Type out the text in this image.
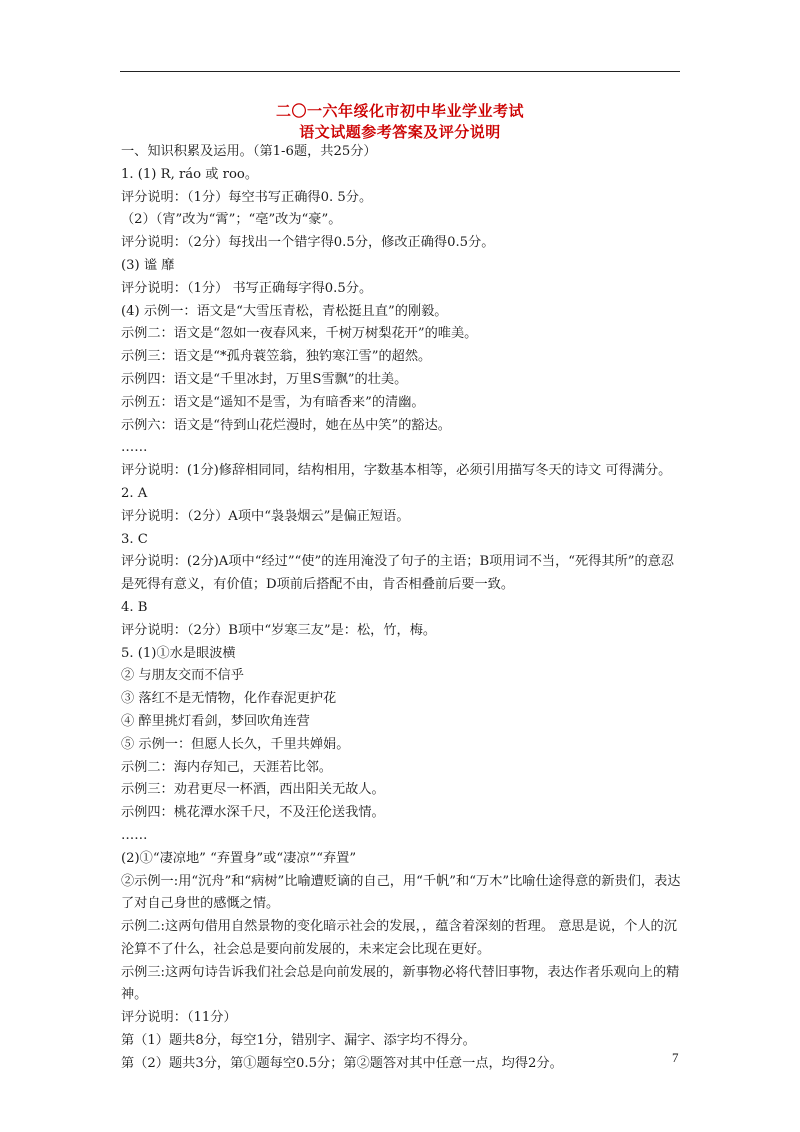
二〇一六年绥化市初中毕业学业考试
语文试题参考答案及评分说明
一、知识积累及运用。（第1-6题，共25分）
1. (1) R, ráo 或 roo。
评分说明：（1分）每空书写正确得0. 5分。
（2）（宵”改为“霄”；“亳”改为“豪”。
评分说明：（2分）每找出一个错字得0.5分，修改正确得0.5分。
(3) 谧 靡
评分说明：（1分） 书写正确每字得0.5分。
(4) 示例一：语文是“大雪压青松，青松挺且直”的刚毅。
示例二：语文是“忽如一夜春风来，千树万树梨花开”的唯美。
示例三：语文是“*孤舟蓑笠翁，独钓寒江雪”的超然。
示例四：语文是“千里冰封，万里S雪飘”的壮美。
示例五：语文是“遥知不是雪，为有暗香来”的清幽。
示例六：语文是“待到山花烂漫时，她在丛中笑”的豁达。
……
评分说明：(1分)修辞相同同，结构相用，字数基本相等，必须引用描写冬天的诗文 可得满分。
2. A
评分说明：（2分）A项中“袅袅烟云”是偏正短语。
3. C
评分说明：(2分)A项中“经过”“使”的连用淹没了句子的主语；B项用词不当，“死得其所”的意忍是死得有意义，有价值；D项前后搭配不由，肯否相叠前后要一致。
4. B
评分说明：（2分）B项中“岁寒三友”是：松，竹，梅。
5. (1)①水是眼波横
② 与朋友交而不信乎
③ 落红不是无情物，化作春泥更护花
④ 醉里挑灯看剑，梦回吹角连营
⑤ 示例一：但愿人长久，千里共婵娟。
示例二：海内存知己，天涯若比邻。
示例三：劝君更尽一杯酒，西出阳关无故人。
示例四：桃花潭水深千尺，不及汪伦送我情。
……
(2)①“凄凉地” “弃置身”或“凄凉”“弃置”
②示例一:用“沉舟”和“病树”比喻遭贬谪的自己，用“千帆”和“万木”比喻仕途得意的新贵们，表达了对自己身世的感慨之情。
示例二:这两句借用自然景物的变化暗示社会的发展，，蕴含着深刻的哲理。 意思是说，个人的沉沦算不了什么，社会总是要向前发展的，未来定会比现在更好。
示例三:这两句诗告诉我们社会总是向前发展的，新事物必将代替旧事物，表达作者乐观向上的精神。
评分说明：（11分）
第（1）题共8分，每空1分，错别字、漏字、添字均不得分。
第（2）题共3分，第①题每空0.5分；第②题答对其中任意一点，均得2分。	7
